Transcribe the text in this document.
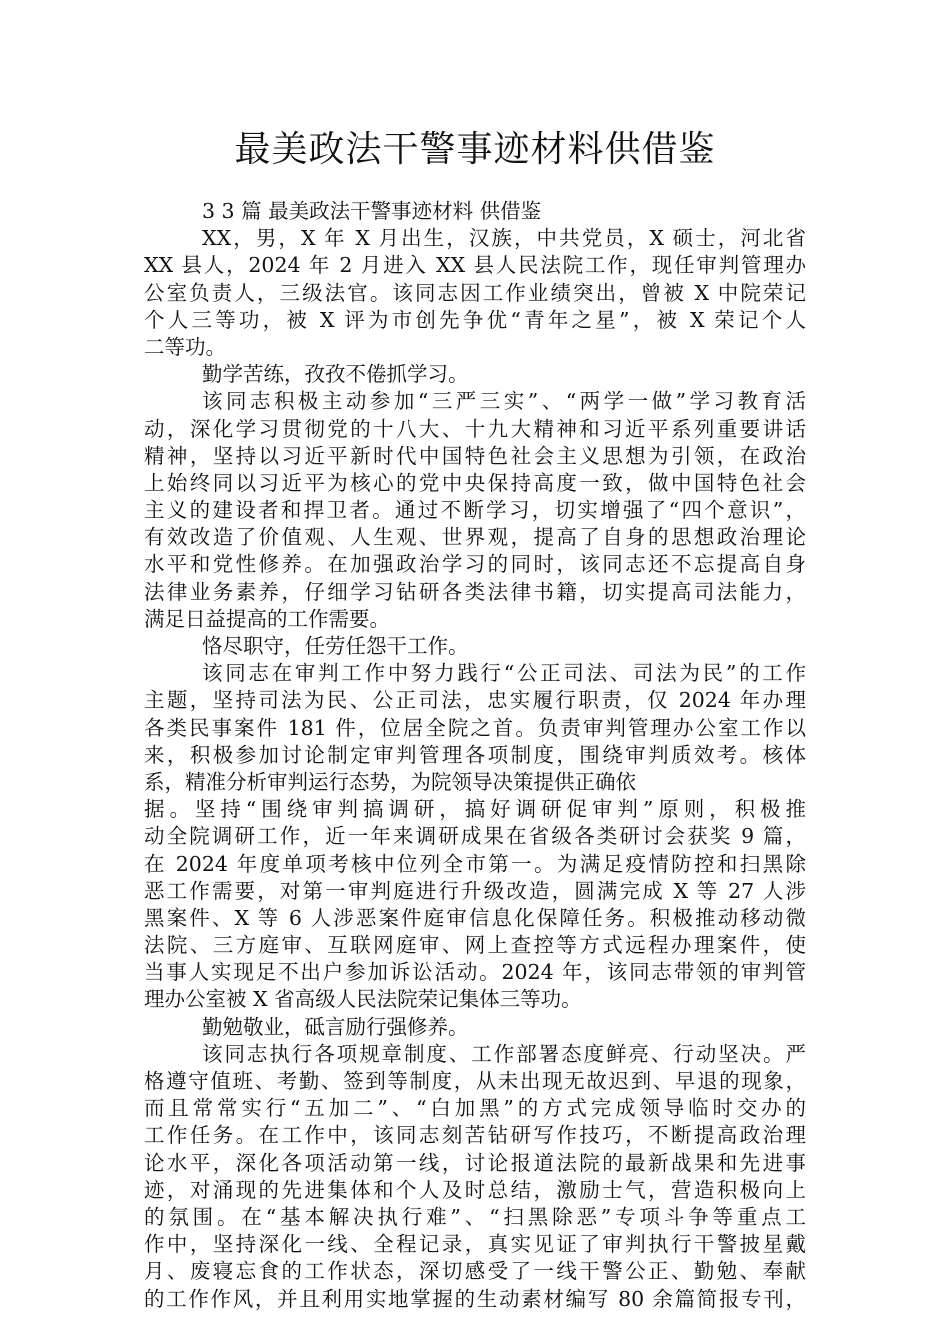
最美政法干警事迹材料供借鉴
3 3 篇 最美政法干警事迹材料 供借鉴
XX，男，X 年 X 月出生，汉族，中共党员，X 硕士，河北省
XX 县人，2024 年 2 月进入 XX 县人民法院工作，现任审判管理办
公室负责人，三级法官。该同志因工作业绩突出，曾被 X 中院荣记
个人三等功，被 X 评为市创先争优“青年之星”，被 X 荣记个人
二等功。
勤学苦练，孜孜不倦抓学习。
该同志积极主动参加“三严三实”、“两学一做”学习教育活
动，深化学习贯彻党的十八大、十九大精神和习近平系列重要讲话
精神，坚持以习近平新时代中国特色社会主义思想为引领，在政治
上始终同以习近平为核心的党中央保持高度一致，做中国特色社会
主义的建设者和捍卫者。通过不断学习，切实增强了“四个意识”，
有效改造了价值观、人生观、世界观，提高了自身的思想政治理论
水平和党性修养。在加强政治学习的同时，该同志还不忘提高自身
法律业务素养，仔细学习钻研各类法律书籍，切实提高司法能力，
满足日益提高的工作需要。
恪尽职守，任劳任怨干工作。
该同志在审判工作中努力践行“公正司法、司法为民”的工作
主题，坚持司法为民、公正司法，忠实履行职责，仅 2024 年办理
各类民事案件 181 件，位居全院之首。负责审判管理办公室工作以
来，积极参加讨论制定审判管理各项制度，围绕审判质效考。核体
系，精准分析审判运行态势，为院领导决策提供正确依
据。坚持“围绕审判搞调研，搞好调研促审判”原则，积极推
动全院调研工作，近一年来调研成果在省级各类研讨会获奖 9 篇，
在 2024 年度单项考核中位列全市第一。为满足疫情防控和扫黑除
恶工作需要，对第一审判庭进行升级改造，圆满完成 X 等 27 人涉
黑案件、X 等 6 人涉恶案件庭审信息化保障任务。积极推动移动微
法院、三方庭审、互联网庭审、网上查控等方式远程办理案件，使
当事人实现足不出户参加诉讼活动。2024 年，该同志带领的审判管
理办公室被 X 省高级人民法院荣记集体三等功。
勤勉敬业，砥言励行强修养。
该同志执行各项规章制度、工作部署态度鲜亮、行动坚决。严
格遵守值班、考勤、签到等制度，从未出现无故迟到、早退的现象，
而且常常实行“五加二”、“白加黑”的方式完成领导临时交办的
工作任务。在工作中，该同志刻苦钻研写作技巧，不断提高政治理
论水平，深化各项活动第一线，讨论报道法院的最新战果和先进事
迹，对涌现的先进集体和个人及时总结，激励士气，营造积极向上
的氛围。在“基本解决执行难”、“扫黑除恶”专项斗争等重点工
作中，坚持深化一线、全程记录，真实见证了审判执行干警披星戴
月、废寝忘食的工作状态，深切感受了一线干警公正、勤勉、奉献
的工作作风，并且利用实地掌握的生动素材编写 80 余篇简报专刊，
